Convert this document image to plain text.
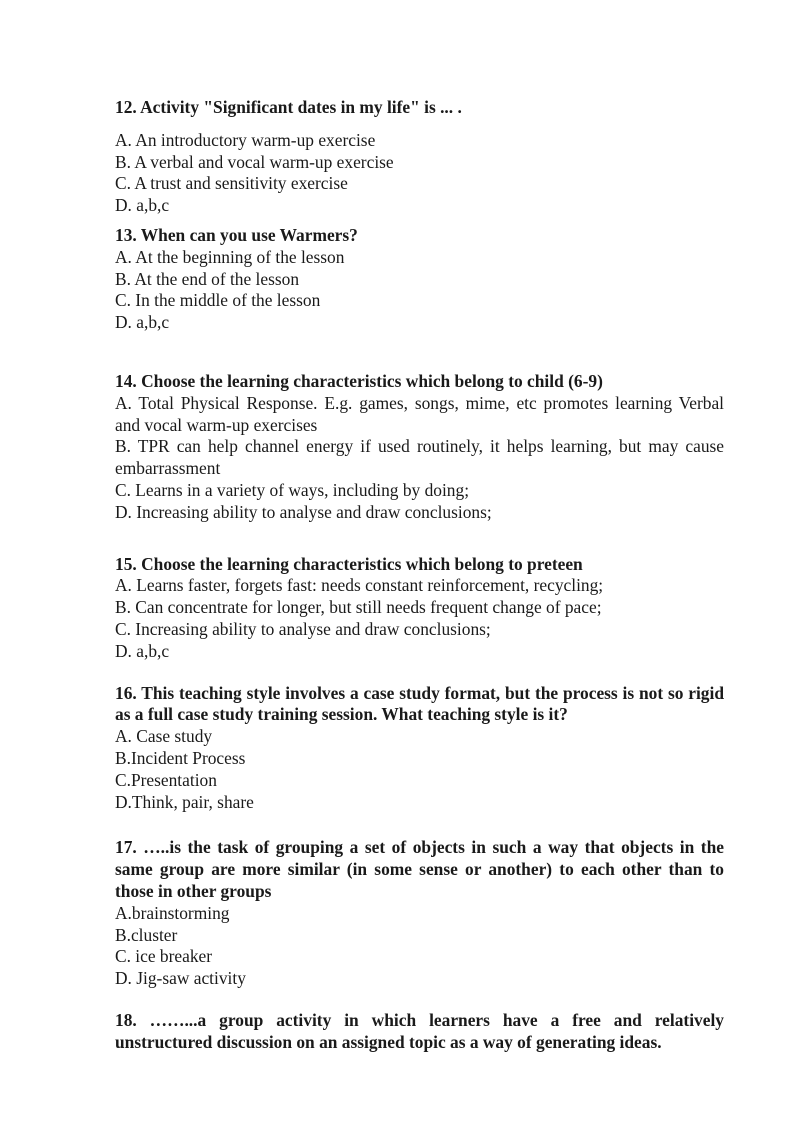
12. Activity "Significant dates in my life" is ... .

A. An introductory warm-up exercise

B. A verbal and vocal warm-up exercise

C. A trust and sensitivity exercise

D. a,b,c

13. When can you use Warmers?

A. At the beginning of the lesson

B. At the end of the lesson

C. In the middle of the lesson

D. a,b,c

14. Choose the learning characteristics which belong to child (6-9)

A. Total Physical Response. E.g. games, songs, mime, etc promotes learning Verbal and vocal warm-up exercises

B. TPR can help channel energy if used routinely, it helps learning, but may cause embarrassment

C. Learns in a variety of ways, including by doing;

D. Increasing ability to analyse and draw conclusions;

15. Choose the learning characteristics which belong to preteen

A. Learns faster, forgets fast: needs constant reinforcement, recycling;

B. Can concentrate for longer, but still needs frequent change of pace;

C. Increasing ability to analyse and draw conclusions;

D. a,b,c

16. This teaching style involves a case study format, but the process is not so rigid as a full case study training session. What teaching style is it?

A. Case study

B.Incident Process

C.Presentation

D.Think, pair, share

17. …..is the task of grouping a set of objects in such a way that objects in the same group are more similar (in some sense or another) to each other than to those in other groups

A.brainstorming

B.cluster

C. ice breaker

D. Jig-saw activity

18. ……...a group activity in which learners have a free and relatively unstructured discussion on an assigned topic as a way of generating ideas.
